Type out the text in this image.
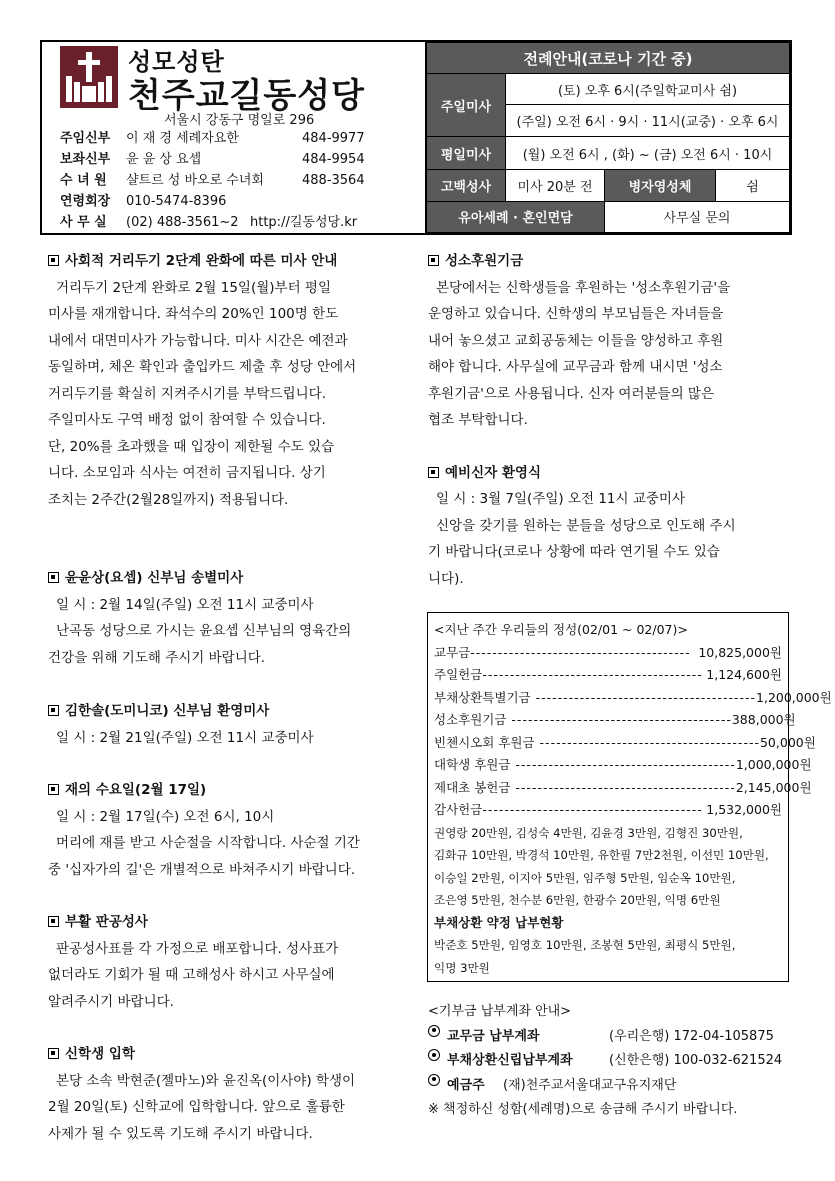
성모성탄
천주교길동성당
서울시 강동구 명일로 296
주임신부	이 재 경 세례자요한	484-9977
보좌신부	윤 윤 상 요셉	484-9954
수 녀 원	샬트르 성 바오로 수녀회	488-3564
연령회장	010-5474-8396
사 무 실	(02) 488-3561~2 http://길동성당.kr
전례안내(코로나 기간 중)			
주일미사	(토) 오후 6시(주일학교미사 쉼)		
	(주일) 오전 6시 · 9시 · 11시(교중) · 오후 6시		
평일미사	(월) 오전 6시 , (화) ~ (금) 오전 6시 · 10시		
고백성사	미사 20분 전	병자영성체	쉼
유아세례 · 혼인면담		사무실 문의	
사회적 거리두기 2단계 완화에 따른 미사 안내

거리두기 2단계 완화로 2월 15일(월)부터 평일

미사를 재개합니다. 좌석수의 20%인 100명 한도

내에서 대면미사가 가능합니다. 미사 시간은 예전과

동일하며, 체온 확인과 출입카드 제출 후 성당 안에서

거리두기를 확실히 지켜주시기를 부탁드립니다.

주일미사도 구역 배정 없이 참여할 수 있습니다.

단, 20%를 초과했을 때 입장이 제한될 수도 있습

니다. 소모임과 식사는 여전히 금지됩니다. 상기

조치는 2주간(2월28일까지) 적용됩니다.

윤윤상(요셉) 신부님 송별미사

일 시 : 2월 14일(주일) 오전 11시 교중미사

난곡동 성당으로 가시는 윤요셉 신부님의 영육간의

건강을 위해 기도해 주시기 바랍니다.

김한솔(도미니코) 신부님 환영미사

일 시 : 2월 21일(주일) 오전 11시 교중미사

재의 수요일(2월 17일)

일 시 : 2월 17일(수) 오전 6시, 10시

머리에 재를 받고 사순절을 시작합니다. 사순절 기간

중 '십자가의 길'은 개별적으로 바쳐주시기 바랍니다.

부활 판공성사

판공성사표를 각 가정으로 배포합니다. 성사표가

없더라도 기회가 될 때 고해성사 하시고 사무실에

알려주시기 바랍니다.

신학생 입학

본당 소속 박현준(젤마노)와 윤진옥(이사야) 학생이

2월 20일(토) 신학교에 입학합니다. 앞으로 훌륭한

사제가 될 수 있도록 기도해 주시기 바랍니다.

성소후원기금

본당에서는 신학생들을 후원하는 '성소후원기금'을

운영하고 있습니다. 신학생의 부모님들은 자녀들을

내어 놓으셨고 교회공동체는 이들을 양성하고 후원

해야 합니다. 사무실에 교무금과 함께 내시면 '성소

후원기금'으로 사용됩니다. 신자 여러분들의 많은

협조 부탁합니다.

예비신자 환영식

일 시 : 3월 7일(주일) 오전 11시 교중미사

신앙을 갖기를 원하는 분들을 성당으로 인도해 주시

기 바랍니다(코로나 상황에 따라 연기될 수도 있습

니다).

<지난 주간 우리들의 정성(02/01 ~ 02/07)>
교무금 ---------------------------------------- 10,825,000원
주일헌금 ---------------------------------------- 1,124,600원
부채상환특별기금 ---------------------------------------- 1,200,000원
성소후원기금 ---------------------------------------- 388,000원
빈첸시오회 후원금 ---------------------------------------- 50,000원
대학생 후원금 ---------------------------------------- 1,000,000원
제대초 봉헌금 ---------------------------------------- 2,145,000원
감사헌금 ---------------------------------------- 1,532,000원
권영랑 20만원, 김성숙 4만원, 김윤경 3만원, 김형진 30만원,
김화규 10만원, 박경석 10만원, 유한필 7만2천원, 이선민 10만원,
이승일 2만원, 이지아 5만원, 임주형 5만원, 임순옥 10만원,
조은영 5만원, 천수분 6만원, 한광수 20만원, 익명 6만원
부채상환 약정 납부현황
박준호 5만원, 임영호 10만원, 조봉현 5만원, 최평식 5만원,
익명 3만원
<기부금 납부계좌 안내>
교무금 납부계좌	(우리은행) 172-04-105875
부채상환신립납부계좌	(신한은행) 100-032-621524
예금주	(재)천주교서울대교구유지재단
※ 책정하신 성함(세례명)으로 송금해 주시기 바랍니다.
